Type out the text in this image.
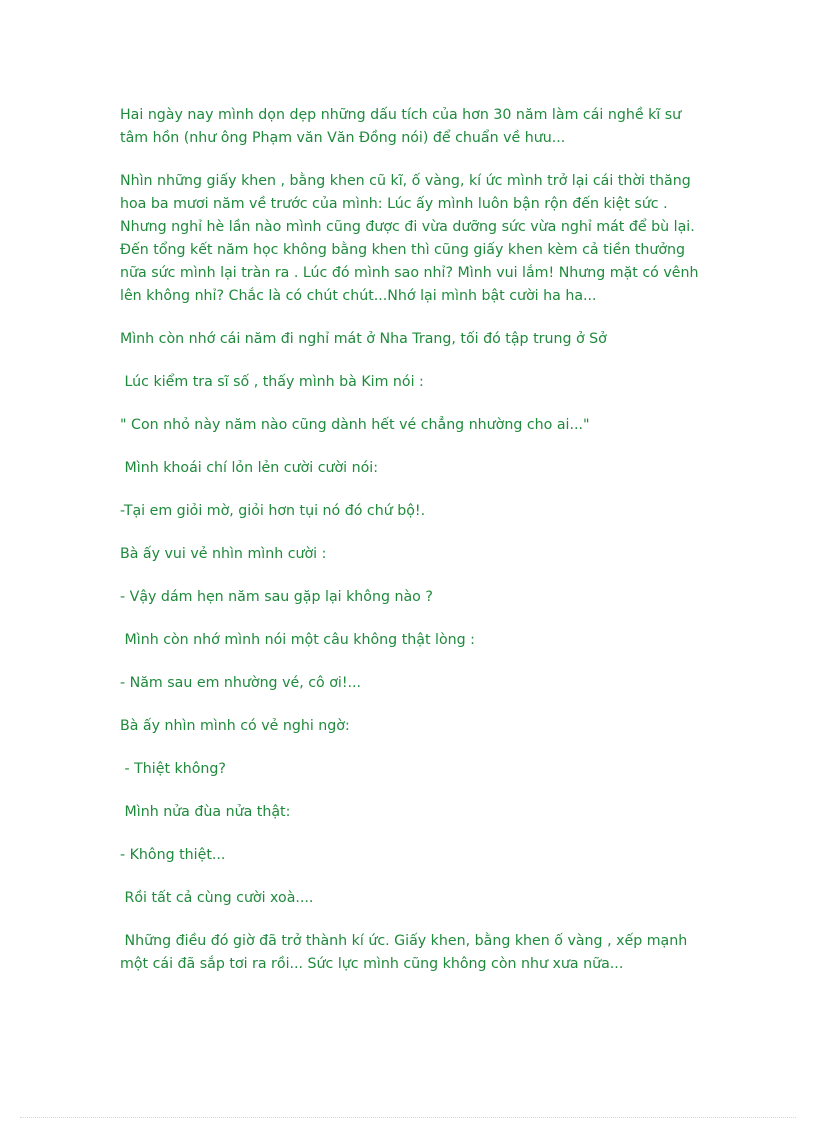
Hai ngày nay mình dọn dẹp những dấu tích của hơn 30 năm làm cái nghề kĩ sư tâm hồn (như ông Phạm văn Văn Đồng nói) để chuẩn về hưu...

Nhìn những giấy khen , bằng khen cũ kĩ, ố vàng, kí ức mình trở lại cái thời thăng hoa ba mươi năm về trước của mình: Lúc ấy mình luôn bận rộn đến kiệt sức . Nhưng nghỉ hè lần nào mình cũng được đi vừa dưỡng sức vừa nghỉ mát để bù lại. Đến tổng kết năm học không bằng khen thì cũng giấy khen kèm cả tiền thưởng nữa sức mình lại tràn ra . Lúc đó mình sao nhỉ? Mình vui lắm! Nhưng mặt có vênh lên không nhỉ? Chắc là có chút chút...Nhớ lại mình bật cười ha ha...

Mình còn nhớ cái năm đi nghỉ mát ở Nha Trang, tối đó tập trung ở Sở

Lúc kiểm tra sĩ số , thấy mình bà Kim nói :

" Con nhỏ này năm nào cũng dành hết vé chẳng nhường cho ai..."

Mình khoái chí lỏn lẻn cười cười nói:

-Tại em giỏi mờ, giỏi hơn tụi nó đó chứ bộ!.

Bà ấy vui vẻ nhìn mình cười :

- Vậy dám hẹn năm sau gặp lại không nào ?

Mình còn nhớ mình nói một câu không thật lòng :

- Năm sau em nhường vé, cô ơi!...

Bà ấy nhìn mình có vẻ nghi ngờ:

- Thiệt không?

Mình nửa đùa nửa thật:

- Không thiệt...

Rồi tất cả cùng cười xoà....

Những điều đó giờ đã trở thành kí ức. Giấy khen, bằng khen ố vàng , xếp mạnh một cái đã sắp tơi ra rồi... Sức lực mình cũng không còn như xưa nữa...
